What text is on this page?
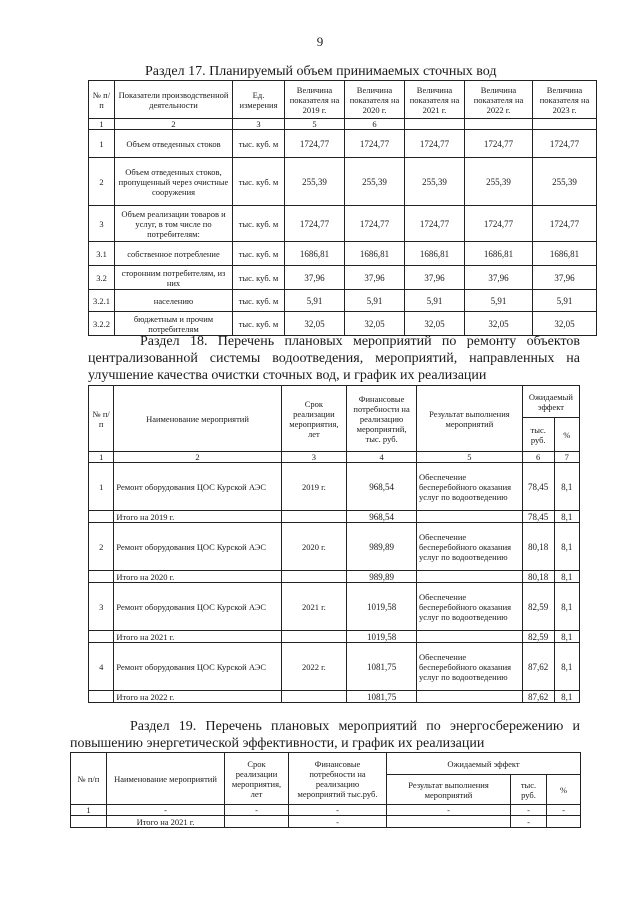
9
Раздел 17. Планируемый объем принимаемых сточных вод
№ п/п	Показатели производственной деятельности	Ед. измерения	Величина показателя на 2019 г.	Величина показателя на 2020 г.	Величина показателя на 2021 г.	Величина показателя на 2022 г.	Величина показателя на 2023 г.
1	2	3	5	6			
1	Объем отведенных стоков	тыс. куб. м	1724,77	1724,77	1724,77	1724,77	1724,77
2	Объем отведенных стоков, пропущенный через очистные сооружения	тыс. куб. м	255,39	255,39	255,39	255,39	255,39
3	Объем реализации товаров и услуг, в том числе по потребителям:	тыс. куб. м	1724,77	1724,77	1724,77	1724,77	1724,77
3.1	собственное потребление	тыс. куб. м	1686,81	1686,81	1686,81	1686,81	1686,81
3.2	сторонним потребителям, из них	тыс. куб. м	37,96	37,96	37,96	37,96	37,96
3.2.1	населению	тыс. куб. м	5,91	5,91	5,91	5,91	5,91
3.2.2	бюджетным и прочим потребителям	тыс. куб. м	32,05	32,05	32,05	32,05	32,05
Раздел 18. Перечень плановых мероприятий по ремонту объектов централизованной системы водоотведения, мероприятий, направленных на улучшение качества очистки сточных вод, и график их реализации
№ п/п	Наименование мероприятий	Срок реализации мероприятия, лет	Финансовые потребности на реализацию мероприятий, тыс. руб.	Результат выполнения мероприятий	Ожидаемый эффект	
					тыс. руб.	%
1	2	3	4	5	6	7
1	Ремонт оборудования ЦОС Курской АЭС	2019 г.	968,54	Обеспечение бесперебойного оказания услуг по водоотведению	78,45	8,1
	Итого на 2019 г.		968,54		78,45	8,1
2	Ремонт оборудования ЦОС Курской АЭС	2020 г.	989,89	Обеспечение бесперебойного оказания услуг по водоотведению	80,18	8,1
	Итого на 2020 г.		989,89		80,18	8,1
3	Ремонт оборудования ЦОС Курской АЭС	2021 г.	1019,58	Обеспечение бесперебойного оказания услуг по водоотведению	82,59	8,1
	Итого на 2021 г.		1019,58		82,59	8,1
4	Ремонт оборудования ЦОС Курской АЭС	2022 г.	1081,75	Обеспечение бесперебойного оказания услуг по водоотведению	87,62	8,1
	Итого на 2022 г.		1081,75		87,62	8,1
Раздел 19. Перечень плановых мероприятий по энергосбережению и повышению энергетической эффективности, и график их реализации
№ п/п	Наименование мероприятий	Срок реализации мероприятия, лет	Финансовые потребности на реализацию мероприятий тыс.руб.	Ожидаемый эффект		
				Результат выполнения мероприятий	тыс. руб.	%
1	-	-	-	-	-	-
	Итого на 2021 г.		-		-	
